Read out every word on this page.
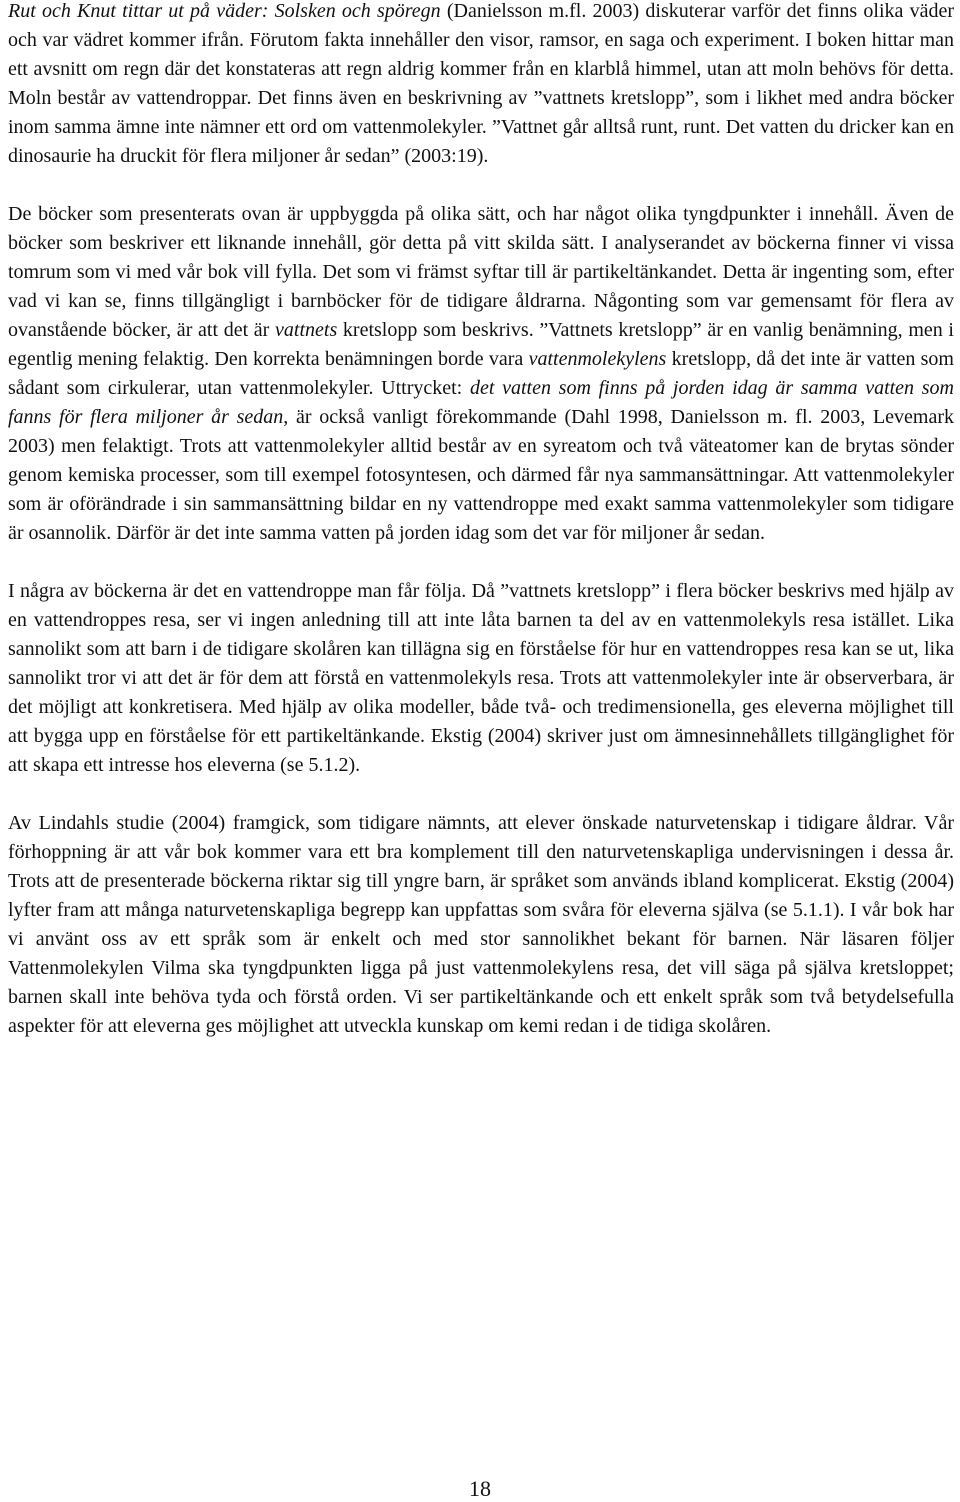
Rut och Knut tittar ut på väder: Solsken och spöregn (Danielsson m.fl. 2003) diskuterar varför det finns olika väder och var vädret kommer ifrån. Förutom fakta innehåller den visor, ramsor, en saga och experiment. I boken hittar man ett avsnitt om regn där det konstateras att regn aldrig kommer från en klarblå himmel, utan att moln behövs för detta. Moln består av vattendroppar. Det finns även en beskrivning av ”vattnets kretslopp”, som i likhet med andra böcker inom samma ämne inte nämner ett ord om vattenmolekyler. ”Vattnet går alltså runt, runt. Det vatten du dricker kan en dinosaurie ha druckit för flera miljoner år sedan” (2003:19).

De böcker som presenterats ovan är uppbyggda på olika sätt, och har något olika tyngdpunkter i innehåll. Även de böcker som beskriver ett liknande innehåll, gör detta på vitt skilda sätt. I analyserandet av böckerna finner vi vissa tomrum som vi med vår bok vill fylla. Det som vi främst syftar till är partikeltänkandet. Detta är ingenting som, efter vad vi kan se, finns tillgängligt i barnböcker för de tidigare åldrarna. Någonting som var gemensamt för flera av ovanstående böcker, är att det är vattnets kretslopp som beskrivs. ”Vattnets kretslopp” är en vanlig benämning, men i egentlig mening felaktig. Den korrekta benämningen borde vara vattenmolekylens kretslopp, då det inte är vatten som sådant som cirkulerar, utan vattenmolekyler. Uttrycket: det vatten som finns på jorden idag är samma vatten som fanns för flera miljoner år sedan, är också vanligt förekommande (Dahl 1998, Danielsson m. fl. 2003, Levemark 2003) men felaktigt. Trots att vattenmolekyler alltid består av en syreatom och två väteatomer kan de brytas sönder genom kemiska processer, som till exempel fotosyntesen, och därmed får nya sammansättningar. Att vattenmolekyler som är oförändrade i sin sammansättning bildar en ny vattendroppe med exakt samma vattenmolekyler som tidigare är osannolik. Därför är det inte samma vatten på jorden idag som det var för miljoner år sedan.

I några av böckerna är det en vattendroppe man får följa. Då ”vattnets kretslopp” i flera böcker beskrivs med hjälp av en vattendroppes resa, ser vi ingen anledning till att inte låta barnen ta del av en vattenmolekyls resa istället. Lika sannolikt som att barn i de tidigare skolåren kan tillägna sig en förståelse för hur en vattendroppes resa kan se ut, lika sannolikt tror vi att det är för dem att förstå en vattenmolekyls resa. Trots att vattenmolekyler inte är observerbara, är det möjligt att konkretisera. Med hjälp av olika modeller, både två- och tredimensionella, ges eleverna möjlighet till att bygga upp en förståelse för ett partikeltänkande. Ekstig (2004) skriver just om ämnesinnehållets tillgänglighet för att skapa ett intresse hos eleverna (se 5.1.2).

Av Lindahls studie (2004) framgick, som tidigare nämnts, att elever önskade naturvetenskap i tidigare åldrar. Vår förhoppning är att vår bok kommer vara ett bra komplement till den naturvetenskapliga undervisningen i dessa år. Trots att de presenterade böckerna riktar sig till yngre barn, är språket som används ibland komplicerat. Ekstig (2004) lyfter fram att många naturvetenskapliga begrepp kan uppfattas som svåra för eleverna själva (se 5.1.1). I vår bok har vi använt oss av ett språk som är enkelt och med stor sannolikhet bekant för barnen. När läsaren följer Vattenmolekylen Vilma ska tyngdpunkten ligga på just vattenmolekylens resa, det vill säga på själva kretsloppet; barnen skall inte behöva tyda och förstå orden. Vi ser partikeltänkande och ett enkelt språk som två betydelsefulla aspekter för att eleverna ges möjlighet att utveckla kunskap om kemi redan i de tidiga skolåren.

18
